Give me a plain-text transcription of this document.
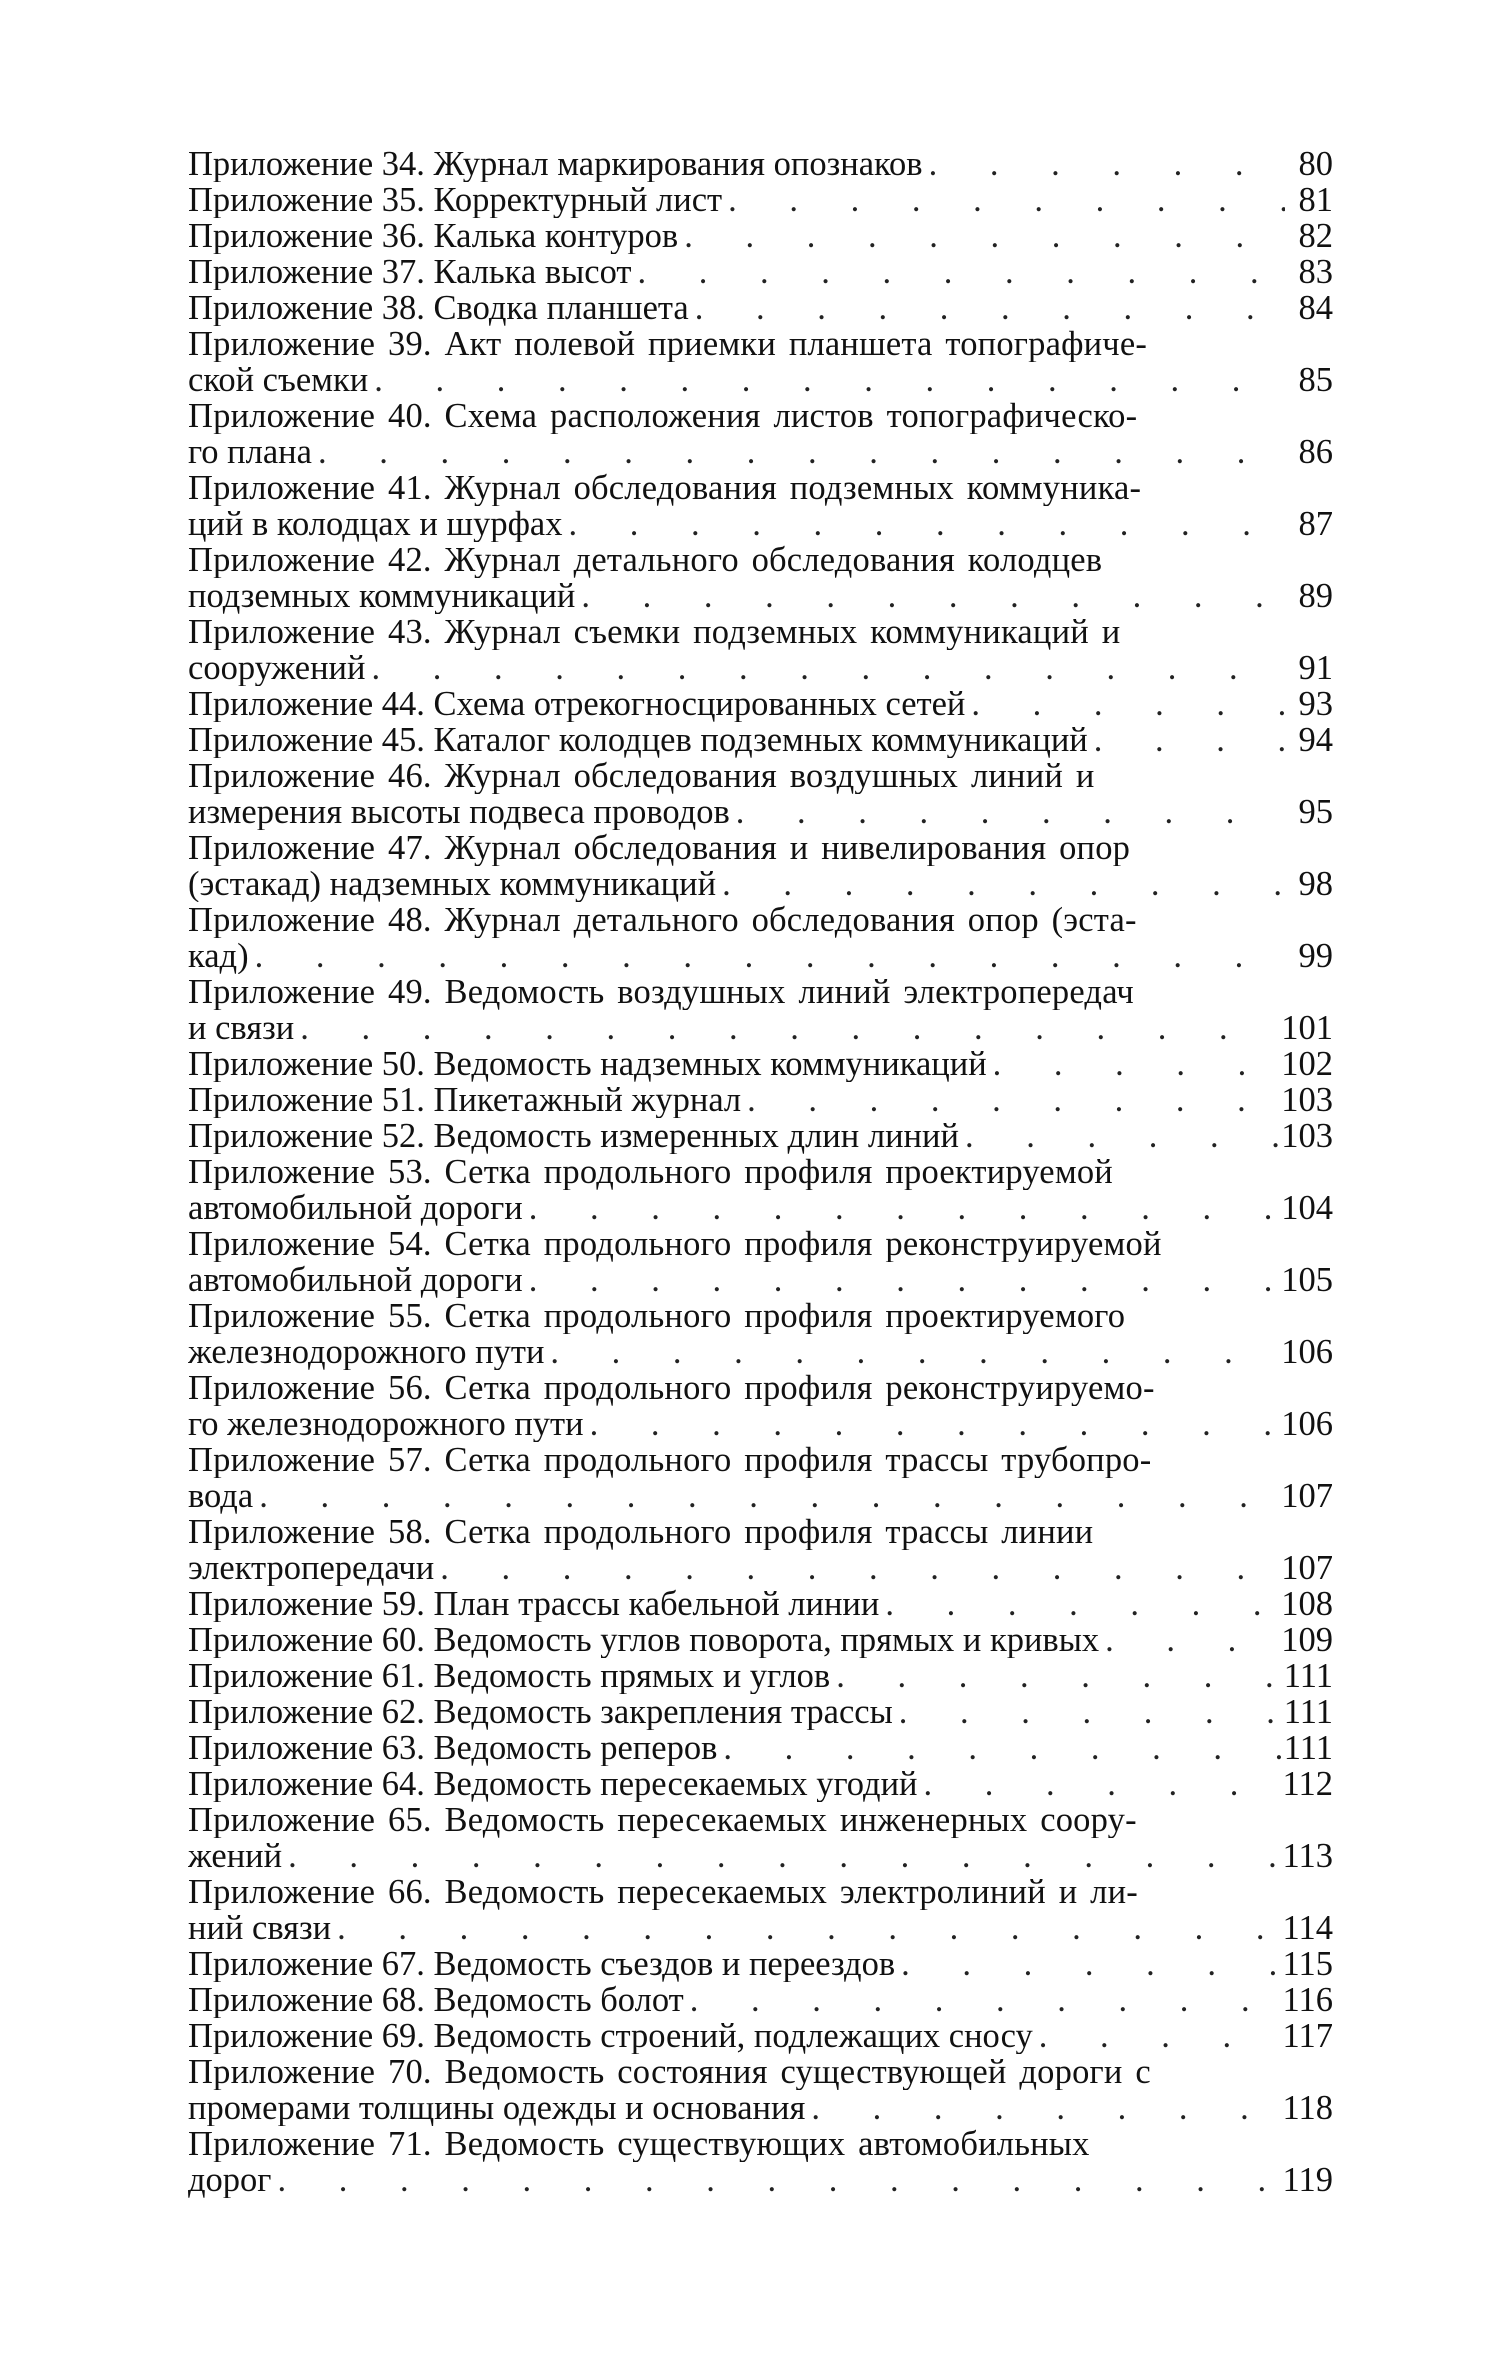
Приложение 34. Журнал маркирования опознаков . . .	80
Приложение 35. Корректурный лист . . .	81
Приложение 36. Калька контуров . . .	82
Приложение 37. Калька высот . . .	83
Приложение 38. Сводка планшета . . .	84
Приложение 39. Акт полевой приемки планшета топографиче-
ской съемки . . .	85
Приложение 40. Схема расположения листов топографическо-
го плана . . .	86
Приложение 41. Журнал обследования подземных коммуника-
ций в колодцах и шурфах . . .	87
Приложение 42. Журнал детального обследования колодцев
подземных коммуникаций . . .	89
Приложение 43. Журнал съемки подземных коммуникаций и
сооружений . . .	91
Приложение 44. Схема отрекогносцированных сетей . . .	93
Приложение 45. Каталог колодцев подземных коммуникаций . . .	94
Приложение 46. Журнал обследования воздушных линий и
измерения высоты подвеса проводов . . .	95
Приложение 47. Журнал обследования и нивелирования опор
(эстакад) надземных коммуникаций . . .	98
Приложение 48. Журнал детального обследования опор (эста-
кад) . . .	99
Приложение 49. Ведомость воздушных линий электропередач
и связи . . .	101
Приложение 50. Ведомость надземных коммуникаций . . .	102
Приложение 51. Пикетажный журнал . . .	103
Приложение 52. Ведомость измеренных длин линий . . .	103
Приложение 53. Сетка продольного профиля проектируемой
автомобильной дороги . . .	104
Приложение 54. Сетка продольного профиля реконструируемой
автомобильной дороги . . .	105
Приложение 55. Сетка продольного профиля проектируемого
железнодорожного пути . . .	106
Приложение 56. Сетка продольного профиля реконструируемо-
го железнодорожного пути . . .	106
Приложение 57. Сетка продольного профиля трассы трубопро-
вода . . .	107
Приложение 58. Сетка продольного профиля трассы линии
электропередачи . . .	107
Приложение 59. План трассы кабельной линии . . .	108
Приложение 60. Ведомость углов поворота, прямых и кривых . . .	109
Приложение 61. Ведомость прямых и углов . . .	111
Приложение 62. Ведомость закрепления трассы . . .	111
Приложение 63. Ведомость реперов . . .	111
Приложение 64. Ведомость пересекаемых угодий . . .	112
Приложение 65. Ведомость пересекаемых инженерных соору-
жений . . .	113
Приложение 66. Ведомость пересекаемых электролиний и ли-
ний связи . . .	114
Приложение 67. Ведомость съездов и переездов . . .	115
Приложение 68. Ведомость болот . . .	116
Приложение 69. Ведомость строений, подлежащих сносу . . .	117
Приложение 70. Ведомость состояния существующей дороги с
промерами толщины одежды и основания . . .	118
Приложение 71. Ведомость существующих автомобильных
дорог . . .	119
